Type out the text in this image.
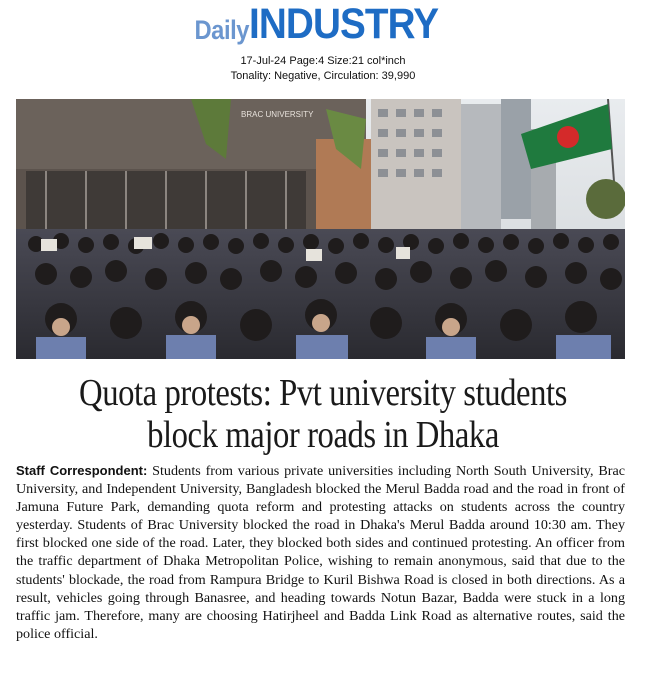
DailyINDUSTRY
17-Jul-24 Page:4 Size:21 col*inch
Tonality: Negative, Circulation: 39,990
BRAC UNIVERSITY
Quota protests: Pvt university students
block major roads in Dhaka
Staff Correspondent: Students from various private universities including North South University, Brac University, and Independent University, Bangladesh blocked the Merul Badda road and the road in front of Jamuna Future Park, demanding quota reform and protesting attacks on students across the country yesterday. Students of Brac University blocked the road in Dhaka's Merul Badda around 10:30 am. They first blocked one side of the road. Later, they blocked both sides and continued protesting. An officer from the traffic department of Dhaka Metropolitan Police, wishing to remain anonymous, said that due to the students' blockade, the road from Rampura Bridge to Kuril Bishwa Road is closed in both directions. As a result, vehicles going through Banasree, and heading towards Notun Bazar, Badda were stuck in a long traffic jam. Therefore, many are choosing Hatirjheel and Badda Link Road as alternative routes, said the police official.
